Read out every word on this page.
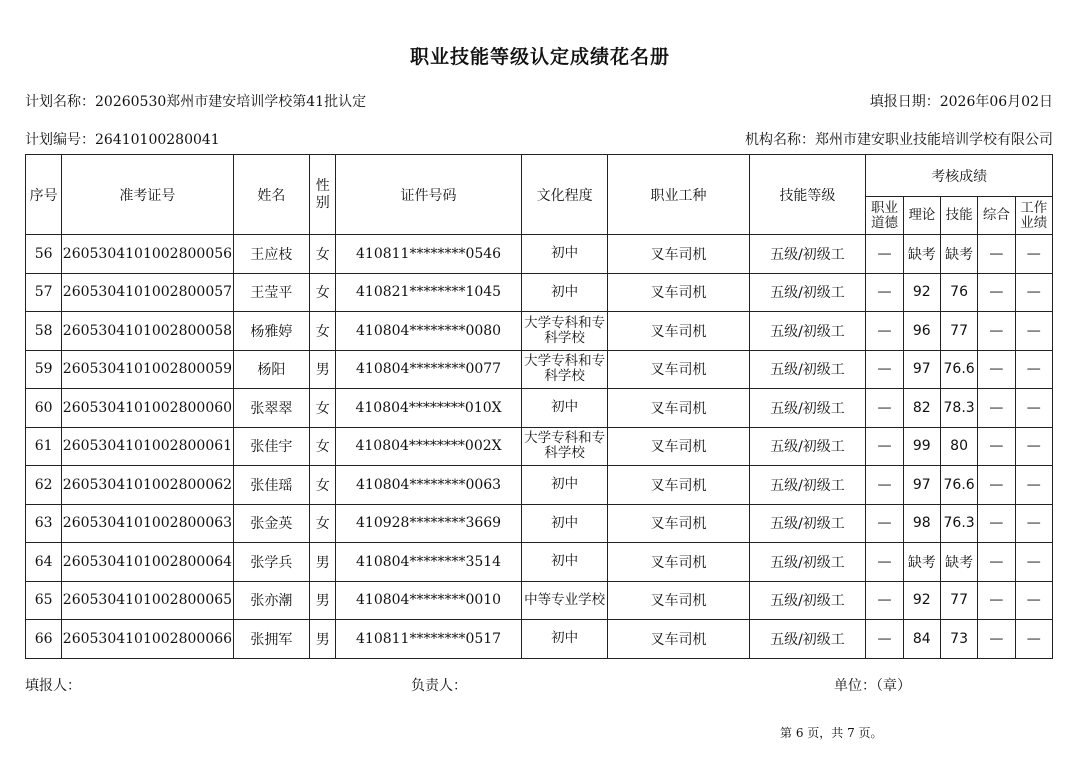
职业技能等级认定成绩花名册
计划名称：20260530郑州市建安培训学校第41批认定	填报日期：2026年06月02日
计划编号：26410100280041	机构名称：郑州市建安职业技能培训学校有限公司
序号	准考证号	姓名	性别	证件号码	文化程度	职业工种	技能等级	考核成绩				
								职业道德	理论	技能	综合	工作业绩
56	2605304101002800056	王应枝	女	410811********0546	初中	叉车司机	五级/初级工	—	缺考	缺考	—	—
57	2605304101002800057	王莹平	女	410821********1045	初中	叉车司机	五级/初级工	—	92	76	—	—
58	2605304101002800058	杨雅婷	女	410804********0080	大学专科和专科学校	叉车司机	五级/初级工	—	96	77	—	—
59	2605304101002800059	杨阳	男	410804********0077	大学专科和专科学校	叉车司机	五级/初级工	—	97	76.6	—	—
60	2605304101002800060	张翠翠	女	410804********010X	初中	叉车司机	五级/初级工	—	82	78.3	—	—
61	2605304101002800061	张佳宇	女	410804********002X	大学专科和专科学校	叉车司机	五级/初级工	—	99	80	—	—
62	2605304101002800062	张佳瑶	女	410804********0063	初中	叉车司机	五级/初级工	—	97	76.6	—	—
63	2605304101002800063	张金英	女	410928********3669	初中	叉车司机	五级/初级工	—	98	76.3	—	—
64	2605304101002800064	张学兵	男	410804********3514	初中	叉车司机	五级/初级工	—	缺考	缺考	—	—
65	2605304101002800065	张亦潮	男	410804********0010	中等专业学校	叉车司机	五级/初级工	—	92	77	—	—
66	2605304101002800066	张拥军	男	410811********0517	初中	叉车司机	五级/初级工	—	84	73	—	—
填报人：	负责人：	单位：（章）
第 6 页，共 7 页。
